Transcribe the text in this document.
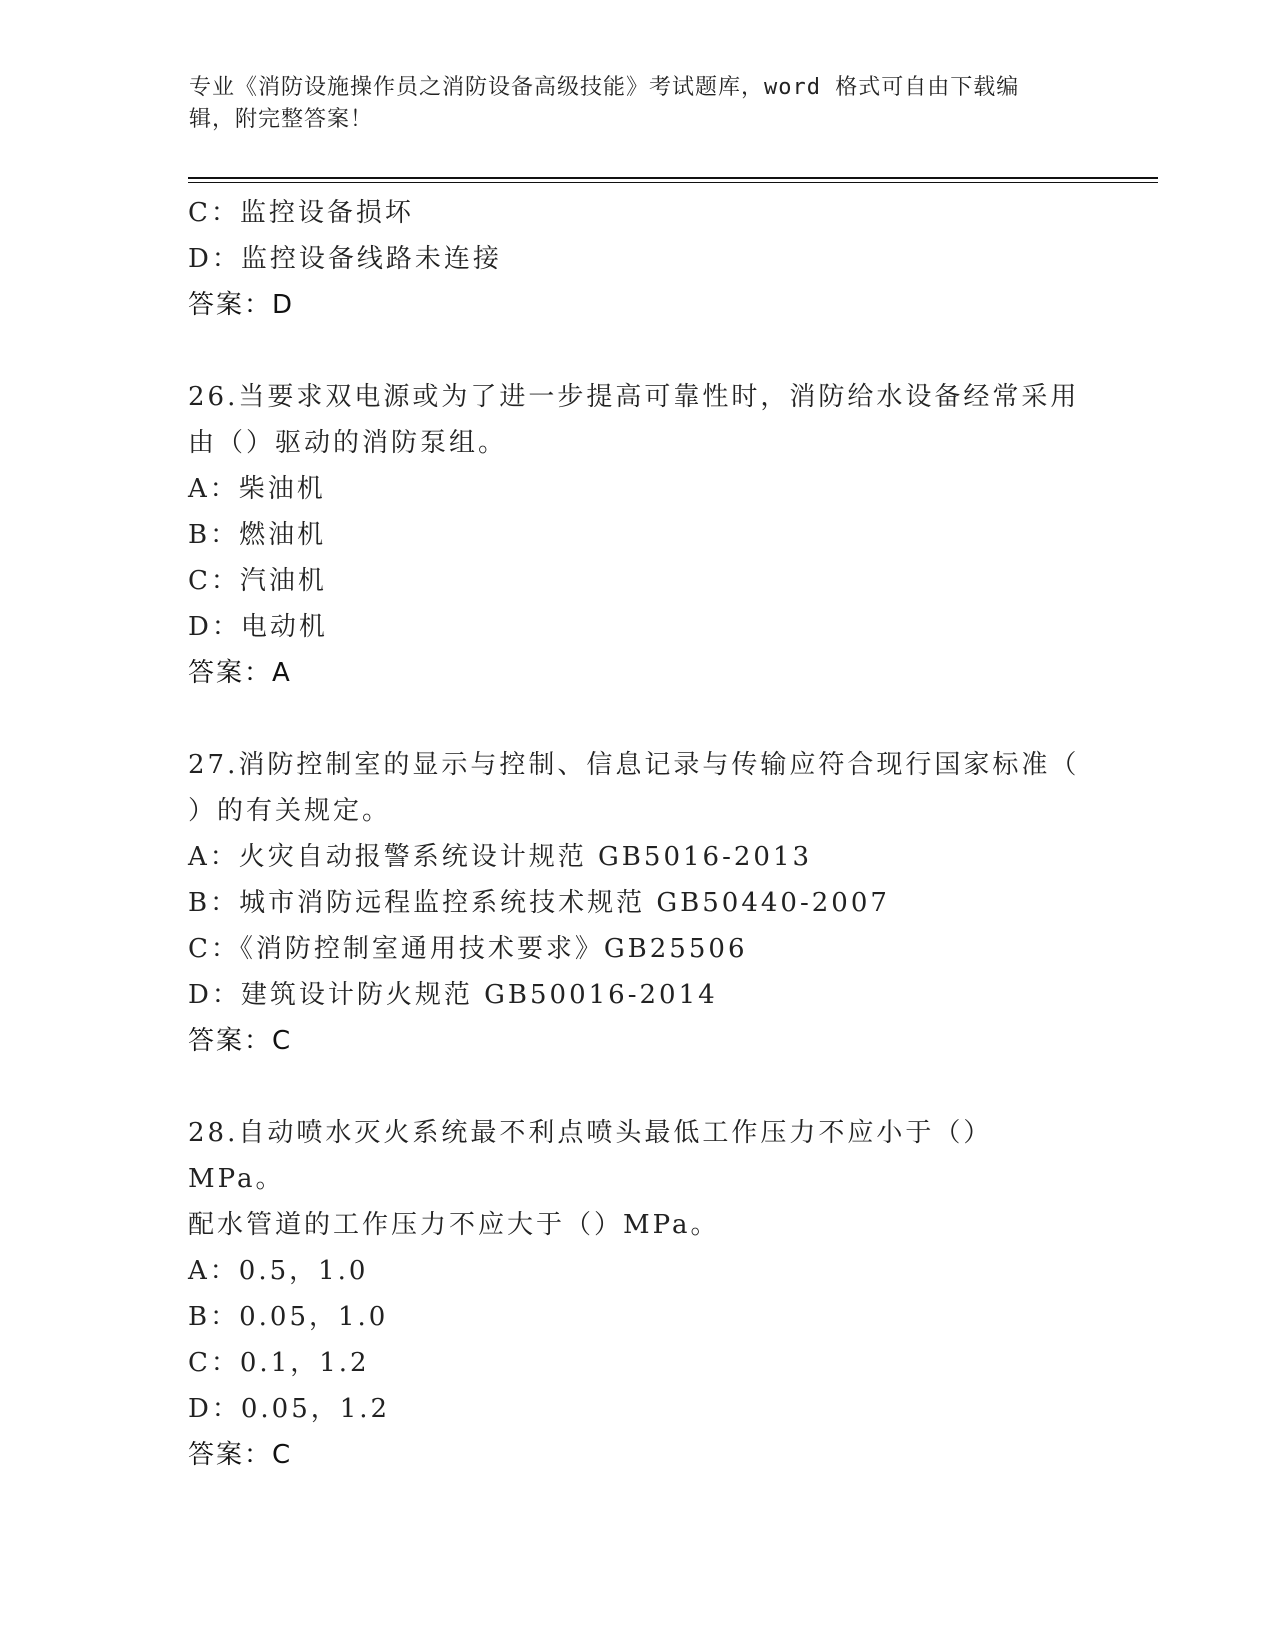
专业《消防设施操作员之消防设备高级技能》考试题库，word 格式可自由下载编
辑，附完整答案！
C：监控设备损坏
D：监控设备线路未连接
答案：D
26.当要求双电源或为了进一步提高可靠性时，消防给水设备经常采用
由（）驱动的消防泵组。
A：柴油机
B：燃油机
C：汽油机
D：电动机
答案：A
27.消防控制室的显示与控制、信息记录与传输应符合现行国家标准（
）的有关规定。
A：火灾自动报警系统设计规范 GB5016-2013
B：城市消防远程监控系统技术规范 GB50440-2007
C：《消防控制室通用技术要求》GB25506
D：建筑设计防火规范 GB50016-2014
答案：C
28.自动喷水灭火系统最不利点喷头最低工作压力不应小于（）MPa。
配水管道的工作压力不应大于（）MPa。
A：0.5，1.0
B：0.05，1.0
C：0.1，1.2
D：0.05，1.2
答案：C
